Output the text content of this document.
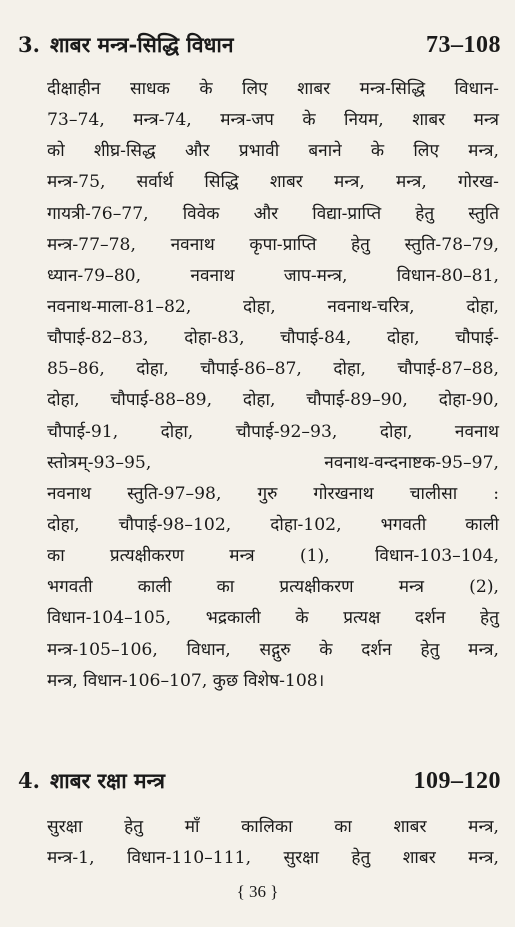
3. शाबर मन्त्र-सिद्धि विधान	73–108
दीक्षाहीन साधक के लिए शाबर मन्त्र-सिद्धि विधान-
73–74, मन्त्र-74, मन्त्र-जप के नियम, शाबर मन्त्र
को शीघ्र-सिद्ध और प्रभावी बनाने के लिए मन्त्र,
मन्त्र-75, सर्वार्थ सिद्धि शाबर मन्त्र, मन्त्र, गोरख-
गायत्री-76–77, विवेक और विद्या-प्राप्ति हेतु स्तुति
मन्त्र-77–78, नवनाथ कृपा-प्राप्ति हेतु स्तुति-78–79,
ध्यान-79–80, नवनाथ जाप-मन्त्र, विधान-80–81,
नवनाथ-माला-81–82, दोहा, नवनाथ-चरित्र, दोहा,
चौपाई-82–83, दोहा-83, चौपाई-84, दोहा, चौपाई-
85–86, दोहा, चौपाई-86–87, दोहा, चौपाई-87–88,
दोहा, चौपाई-88–89, दोहा, चौपाई-89–90, दोहा-90,
चौपाई-91, दोहा, चौपाई-92–93, दोहा, नवनाथ
स्तोत्रम्-93–95, नवनाथ-वन्दनाष्टक-95–97,
नवनाथ स्तुति-97–98, गुरु गोरखनाथ चालीसा :
दोहा, चौपाई-98–102, दोहा-102, भगवती काली
का प्रत्यक्षीकरण मन्त्र (1), विधान-103–104,
भगवती काली का प्रत्यक्षीकरण मन्त्र (2),
विधान-104–105, भद्रकाली के प्रत्यक्ष दर्शन हेतु
मन्त्र-105–106, विधान, सद्गुरु के दर्शन हेतु मन्त्र,
मन्त्र, विधान-106–107, कुछ विशेष-108।
4. शाबर रक्षा मन्त्र	109–120
सुरक्षा हेतु माँ कालिका का शाबर मन्त्र,
मन्त्र-1, विधान-110–111, सुरक्षा हेतु शाबर मन्त्र,
{ 36 }
